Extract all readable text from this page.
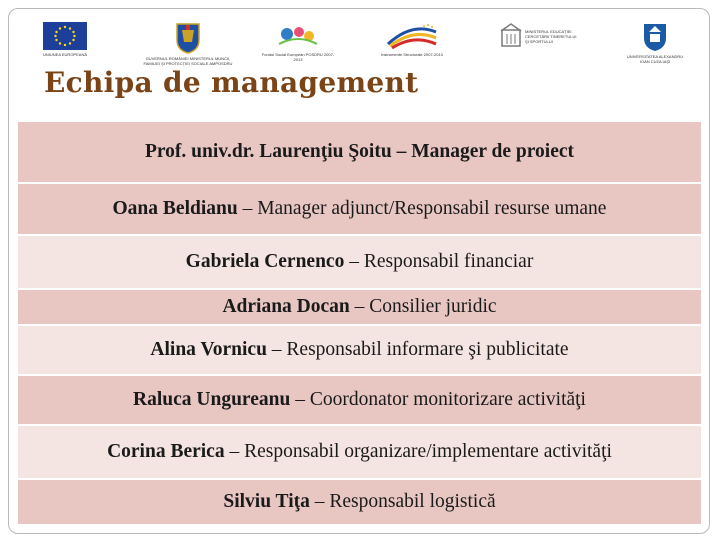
UNIUNEA EUROPEANĂ
GUVERNUL ROMÂNIEI MINISTERUL MUNCII, FAMILIEI ŞI PROTECŢIEI SOCIALE AMPOSDRU
Fondul Social European POSDRU 2007-2013
Instrumente Structurale 2007-2013
MINISTERUL EDUCAŢIEI CERCETĂRII TINERETULUI ŞI SPORTULUI
UNIVERSITATEA ALEXANDRU IOAN CUZA IAŞI
Echipa de management
Prof. univ.dr. Laurenţiu Şoitu – Manager de proiect
Oana Beldianu – Manager adjunct/Responsabil resurse umane
Gabriela Cernenco – Responsabil financiar
Adriana Docan – Consilier juridic
Alina Vornicu – Responsabil informare şi publicitate
Raluca Ungureanu – Coordonator monitorizare activităţi
Corina Berica – Responsabil organizare/implementare activităţi
Silviu Tiţa – Responsabil logistică
